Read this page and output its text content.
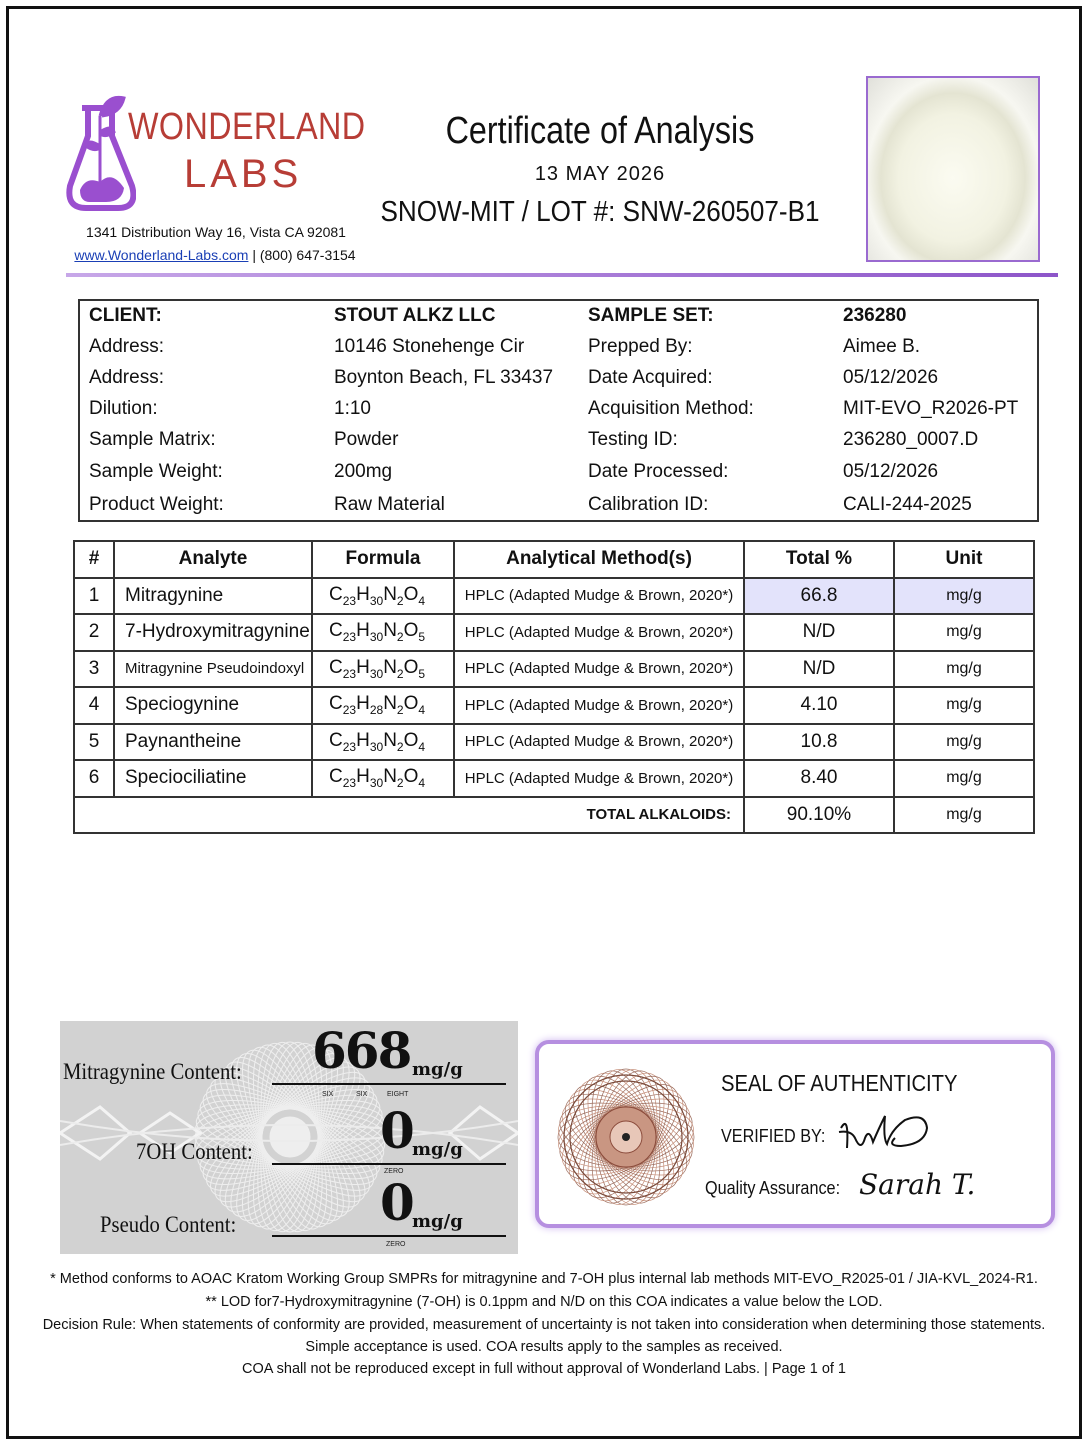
WONDERLAND
LABS
1341 Distribution Way 16, Vista CA 92081
www.Wonderland-Labs.com | (800) 647-3154
Certificate of Analysis
13 MAY 2026
SNOW-MIT / LOT #: SNW-260507-B1
CLIENT:	STOUT ALKZ LLC	SAMPLE SET:	236280
Address:	10146 Stonehenge Cir	Prepped By:	Aimee B.
Address:	Boynton Beach, FL 33437 Date Acquired:	05/12/2026
Dilution:	1:10	Acquisition Method:	MIT-EVO_R2026-PT
Sample Matrix:	Powder	Testing ID:	236280_0007.D
Sample Weight:	200mg	Date Processed:	05/12/2026
Product Weight:	Raw Material	Calibration ID:	CALI-244-2025
#	Analyte	Formula	Analytical Method(s)	Total %	Unit
1	Mitragynine	$C_{23}H_{30}N_2O_4$	HPLC (Adapted Mudge & Brown, 2020*)	66.8	mg/g
2	7-Hydroxymitragynine	$C_{23}H_{30}N_2O_5$	HPLC (Adapted Mudge & Brown, 2020*)	N/D	mg/g
3	Mitragynine Pseudoindoxyl	$C_{23}H_{30}N_2O_5$	HPLC (Adapted Mudge & Brown, 2020*)	N/D	mg/g
4	Speciogynine	$C_{23}H_{28}N_2O_4$	HPLC (Adapted Mudge & Brown, 2020*)	4.10	mg/g
5	Paynantheine	$C_{23}H_{30}N_2O_4$	HPLC (Adapted Mudge & Brown, 2020*)	10.8	mg/g
6	Speciociliatine	$C_{23}H_{30}N_2O_4$	HPLC (Adapted Mudge & Brown, 2020*)	8.40	mg/g
TOTAL ALKALOIDS:				90.10%	mg/g
Mitragynine Content: 668 mg/g
SIX	SIX	EIGHT
7OH Content:	0 mg/g
ZERO
Pseudo Content:	0 mg/g
ZERO
SEAL OF AUTHENTICITY
VERIFIED BY:
Quality Assurance: Sarah T.
* Method conforms to AOAC Kratom Working Group SMPRs for mitragynine and 7-OH plus internal lab methods MIT-EVO_R2025-01 / JIA-KVL_2024-R1.
** LOD for7-Hydroxymitragynine (7-OH) is 0.1ppm and N/D on this COA indicates a value below the LOD.
Decision Rule: When statements of conformity are provided, measurement of uncertainty is not taken into consideration when determining those statements.
Simple acceptance is used. COA results apply to the samples as received.
COA shall not be reproduced except in full without approval of Wonderland Labs. | Page 1 of 1
